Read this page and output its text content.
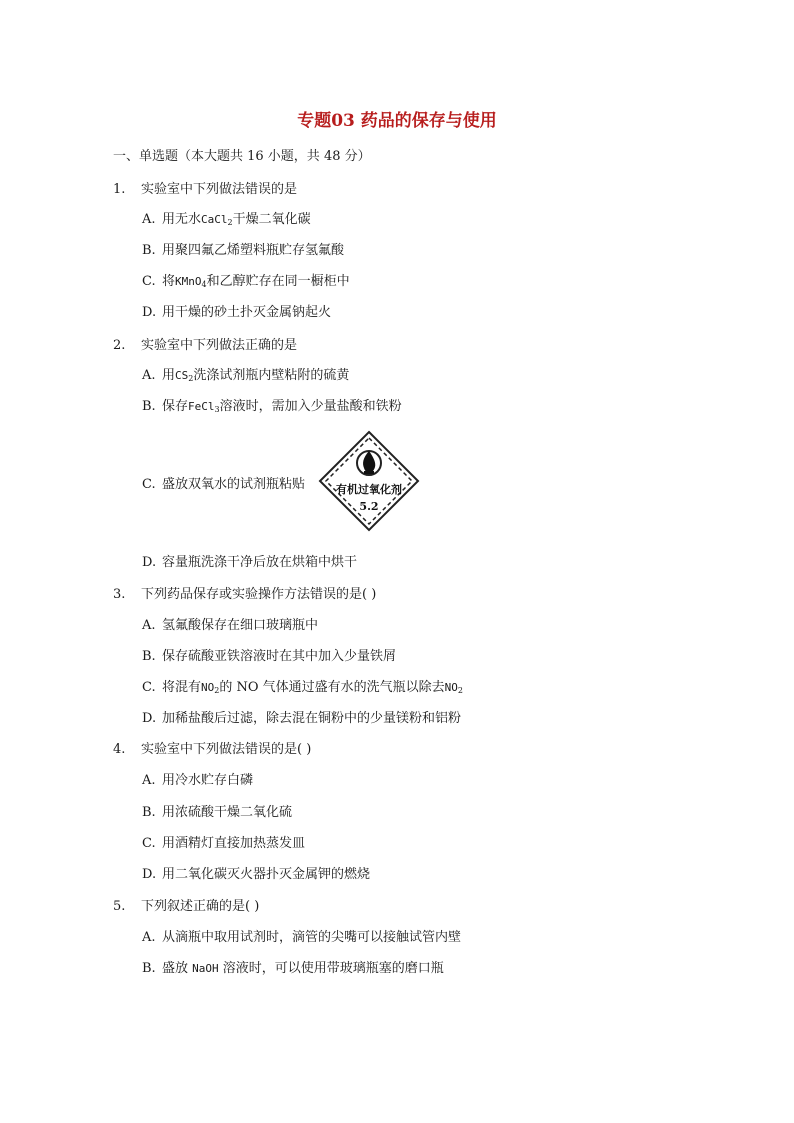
专题03 药品的保存与使用
一、单选题（本大题共 16 小题，共 48 分）
1. 实验室中下列做法错误的是
A. 用无水CaCl$_2$干燥二氧化碳
B. 用聚四氟乙烯塑料瓶贮存氢氟酸
C. 将KMnO$_4$和乙醇贮存在同一橱柜中
D. 用干燥的砂土扑灭金属钠起火
2. 实验室中下列做法正确的是
A. 用$CS_2$洗涤试剂瓶内壁粘附的硫黄
B. 保存FeCl$_3$溶液时，需加入少量盐酸和铁粉
C. 盛放双氧水的试剂瓶粘贴	有机过氧化剂
5.2
D. 容量瓶洗涤干净后放在烘箱中烘干
3. 下列药品保存或实验操作方法错误的是( )
A. 氢氟酸保存在细口玻璃瓶中
B. 保存硫酸亚铁溶液时在其中加入少量铁屑
C. 将混有$NO_2$的 NO 气体通过盛有水的洗气瓶以除去$NO_2$
D. 加稀盐酸后过滤，除去混在铜粉中的少量镁粉和铝粉
4. 实验室中下列做法错误的是( )
A. 用冷水贮存白磷
B. 用浓硫酸干燥二氧化硫
C. 用酒精灯直接加热蒸发皿
D. 用二氧化碳灭火器扑灭金属钾的燃烧
5. 下列叙述正确的是( )
A. 从滴瓶中取用试剂时，滴管的尖嘴可以接触试管内壁
B. 盛放 NaOH 溶液时，可以使用带玻璃瓶塞的磨口瓶
